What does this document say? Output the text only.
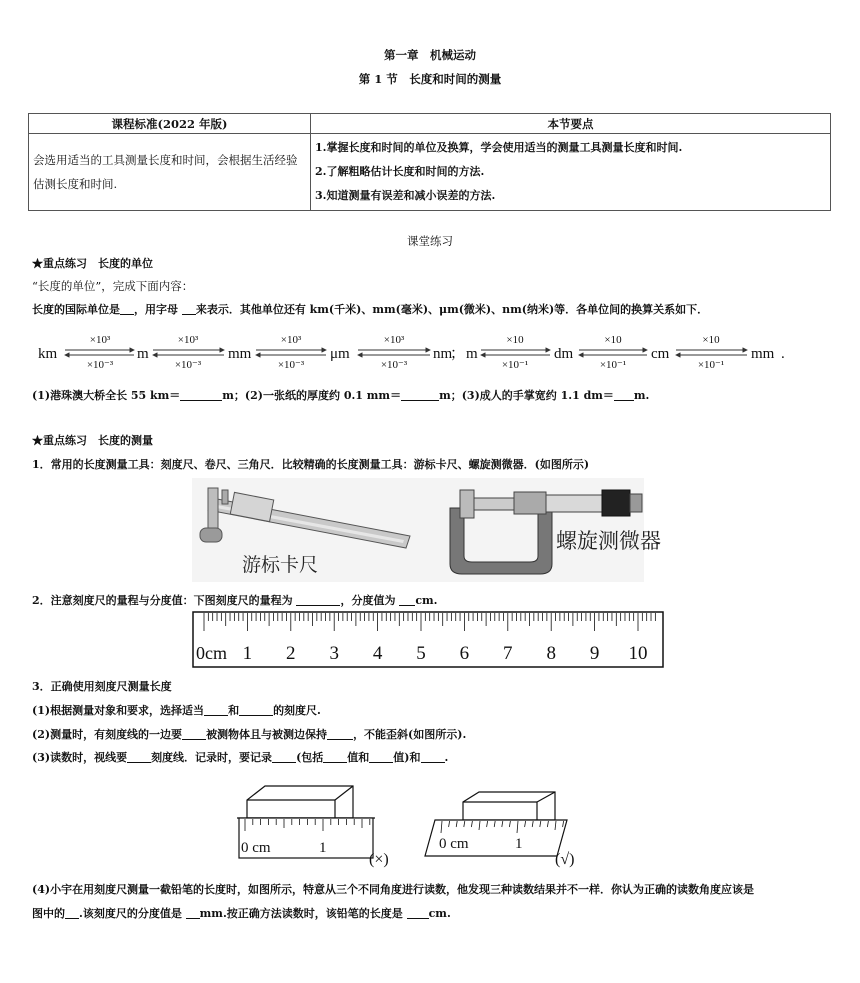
第一章　机械运动
第 1 节　长度和时间的测量
课程标准(2022 年版)	本节要点
会选用适当的工具测量长度和时间，会根据生活经验估测长度和时间.	1.掌握长度和时间的单位及换算，学会使用适当的测量工具测量长度和时间.
2.了解粗略估计长度和时间的方法.
3.知道测量有误差和减小误差的方法.
课堂练习
★重点练习　长度的单位
“长度的单位”，完成下面内容：
长度的国际单位是 ，用字母 来表示．其他单位还有 km(千米)、mm(毫米)、μm(微米)、nm(纳米)等．各单位间的换算关系如下．
km	m	mm	μm	nm
； m	dm	cm	mm .
×10³	×10³	×10³	×10³	×10	×10	×10
×10⁻³	×10⁻³	×10⁻³	×10⁻³	×10⁻¹	×10⁻¹	×10⁻¹
(1)港珠澳大桥全长 55 km＝	m；(2)一张纸的厚度约 0.1 mm＝	m；(3)成人的手掌宽约 1.1 dm＝ m.
★重点练习　长度的测量
1．常用的长度测量工具：刻度尺、卷尺、三角尺．比较精确的长度测量工具：游标卡尺、螺旋测微器．(如图所示)
游标卡尺
螺旋测微器
2．注意刻度尺的量程与分度值：下图刻度尺的量程为	，分度值为 cm.
0cm 1 2 3 4 5 6 7 8 9 10
3．正确使用刻度尺测量长度
(1)根据测量对象和要求，选择适当 和	的刻度尺.
(2)测量时，有刻度线的一边要 被测物体且与被测边保持 ，不能歪斜(如图所示).
(3)读数时，视线要 刻度线．记录时，要记录 (包括 值和 值)和 .
0 cm	1
(×)
0 cm	1
(√)
(4)小宇在用刻度尺测量一截铅笔的长度时，如图所示，特意从三个不同角度进行读数，他发现三种读数结果并不一样．你认为正确的读数角度应该是
图中的 .该刻度尺的分度值是 mm.按正确方法读数时，该铅笔的长度是 cm.
